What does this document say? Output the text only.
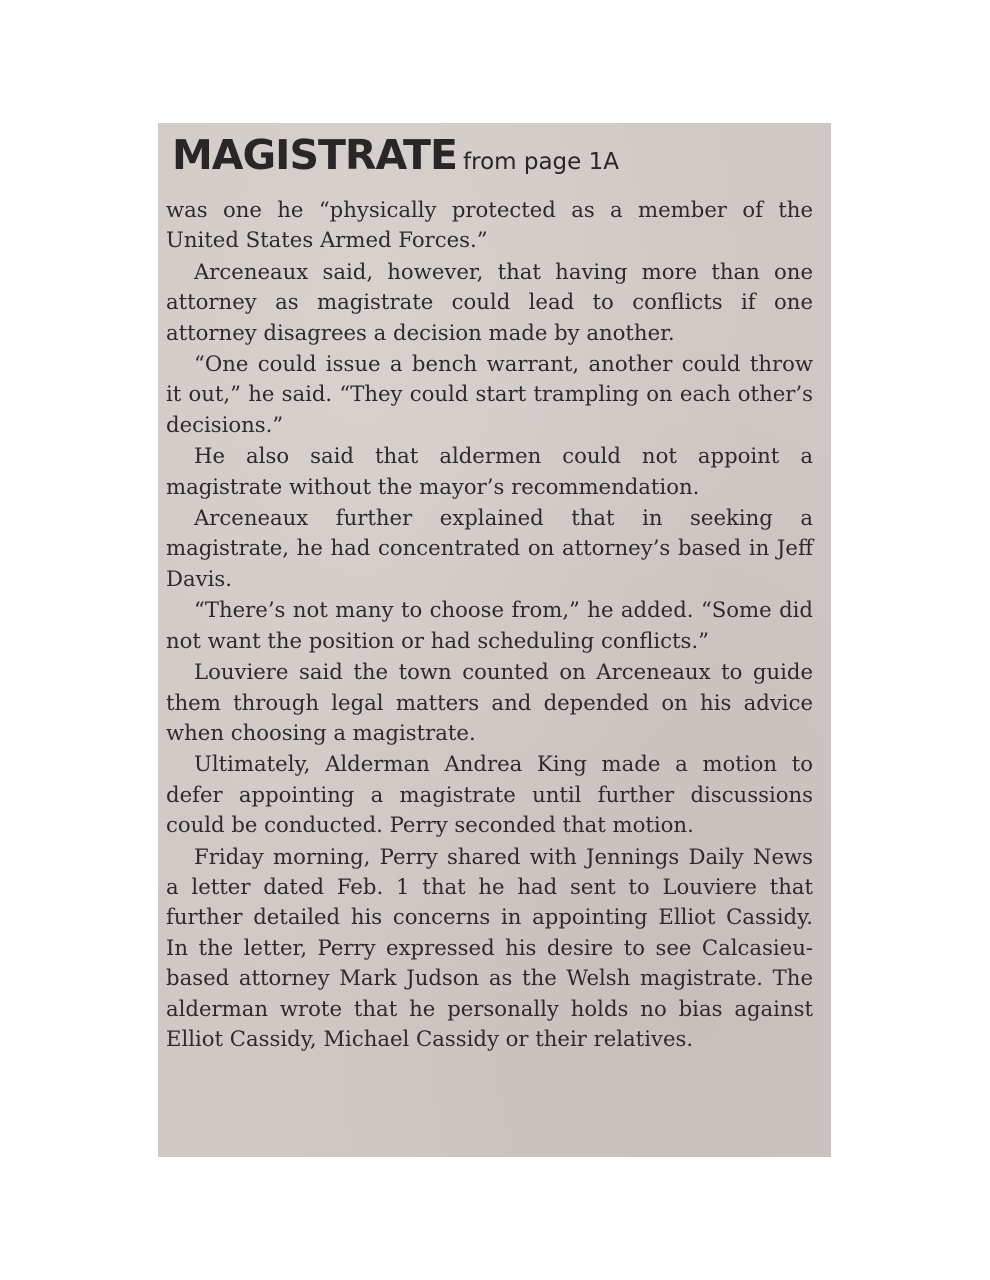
MAGISTRATE from page 1A

was one he “physically protected as a member of the United States Armed Forces.”

Arceneaux said, however, that having more than one attorney as magistrate could lead to conflicts if one attorney disagrees a decision made by another.

“One could issue a bench warrant, another could throw it out,” he said. “They could start trampling on each other’s decisions.”

He also said that aldermen could not appoint a magistrate without the mayor’s recommendation.

Arceneaux further explained that in seeking a magistrate, he had concentrated on attorney’s based in Jeff Davis.

“There’s not many to choose from,” he added. “Some did not want the position or had scheduling conflicts.”

Louviere said the town counted on Arceneaux to guide them through legal matters and depended on his advice when choosing a magistrate.

Ultimately, Alderman Andrea King made a motion to defer appointing a magistrate until further discussions could be conducted. Perry seconded that motion.

Friday morning, Perry shared with Jennings Daily News a letter dated Feb. 1 that he had sent to Louviere that further detailed his concerns in appointing Elliot Cassidy. In the letter, Perry expressed his desire to see Calcasieu-based attorney Mark Judson as the Welsh magistrate. The alderman wrote that he personally holds no bias against Elliot Cassidy, Michael Cassidy or their relatives.
